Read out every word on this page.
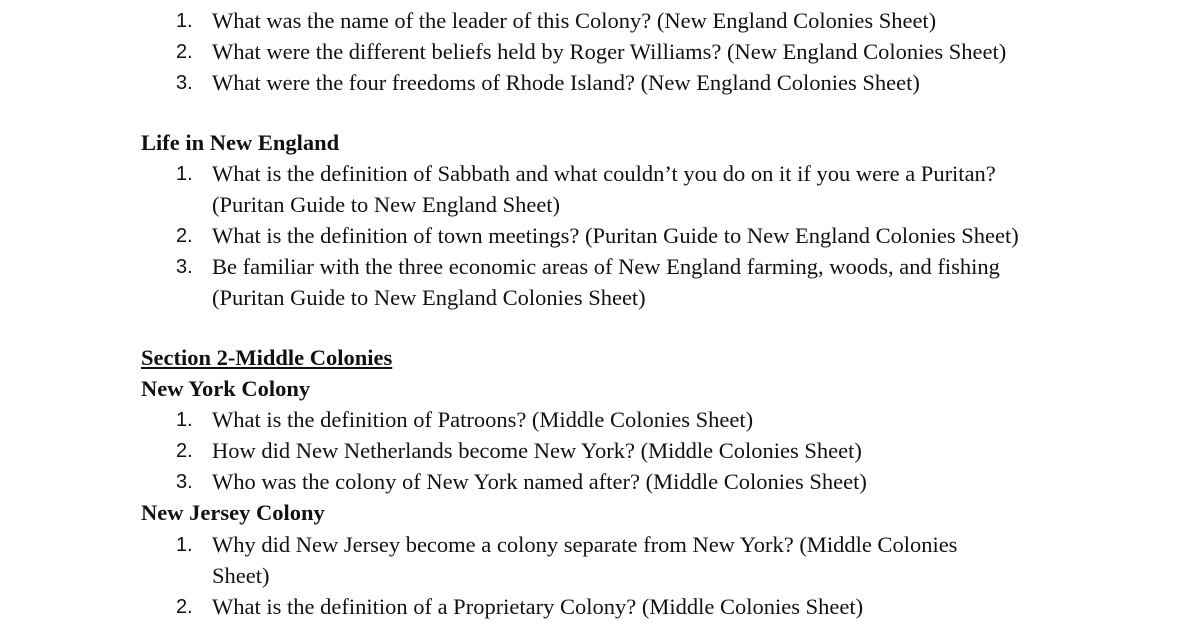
1. What was the name of the leader of this Colony? (New England Colonies Sheet)
2. What were the different beliefs held by Roger Williams? (New England Colonies Sheet)
3. What were the four freedoms of Rhode Island? (New England Colonies Sheet)
Life in New England
1. What is the definition of Sabbath and what couldn’t you do on it if you were a Puritan?
(Puritan Guide to New England Sheet)
2. What is the definition of town meetings? (Puritan Guide to New England Colonies Sheet)
3. Be familiar with the three economic areas of New England farming, woods, and fishing
(Puritan Guide to New England Colonies Sheet)
Section 2-Middle Colonies
New York Colony
1. What is the definition of Patroons? (Middle Colonies Sheet)
2. How did New Netherlands become New York? (Middle Colonies Sheet)
3. Who was the colony of New York named after? (Middle Colonies Sheet)
New Jersey Colony
1. Why did New Jersey become a colony separate from New York? (Middle Colonies
Sheet)
2. What is the definition of a Proprietary Colony? (Middle Colonies Sheet)
